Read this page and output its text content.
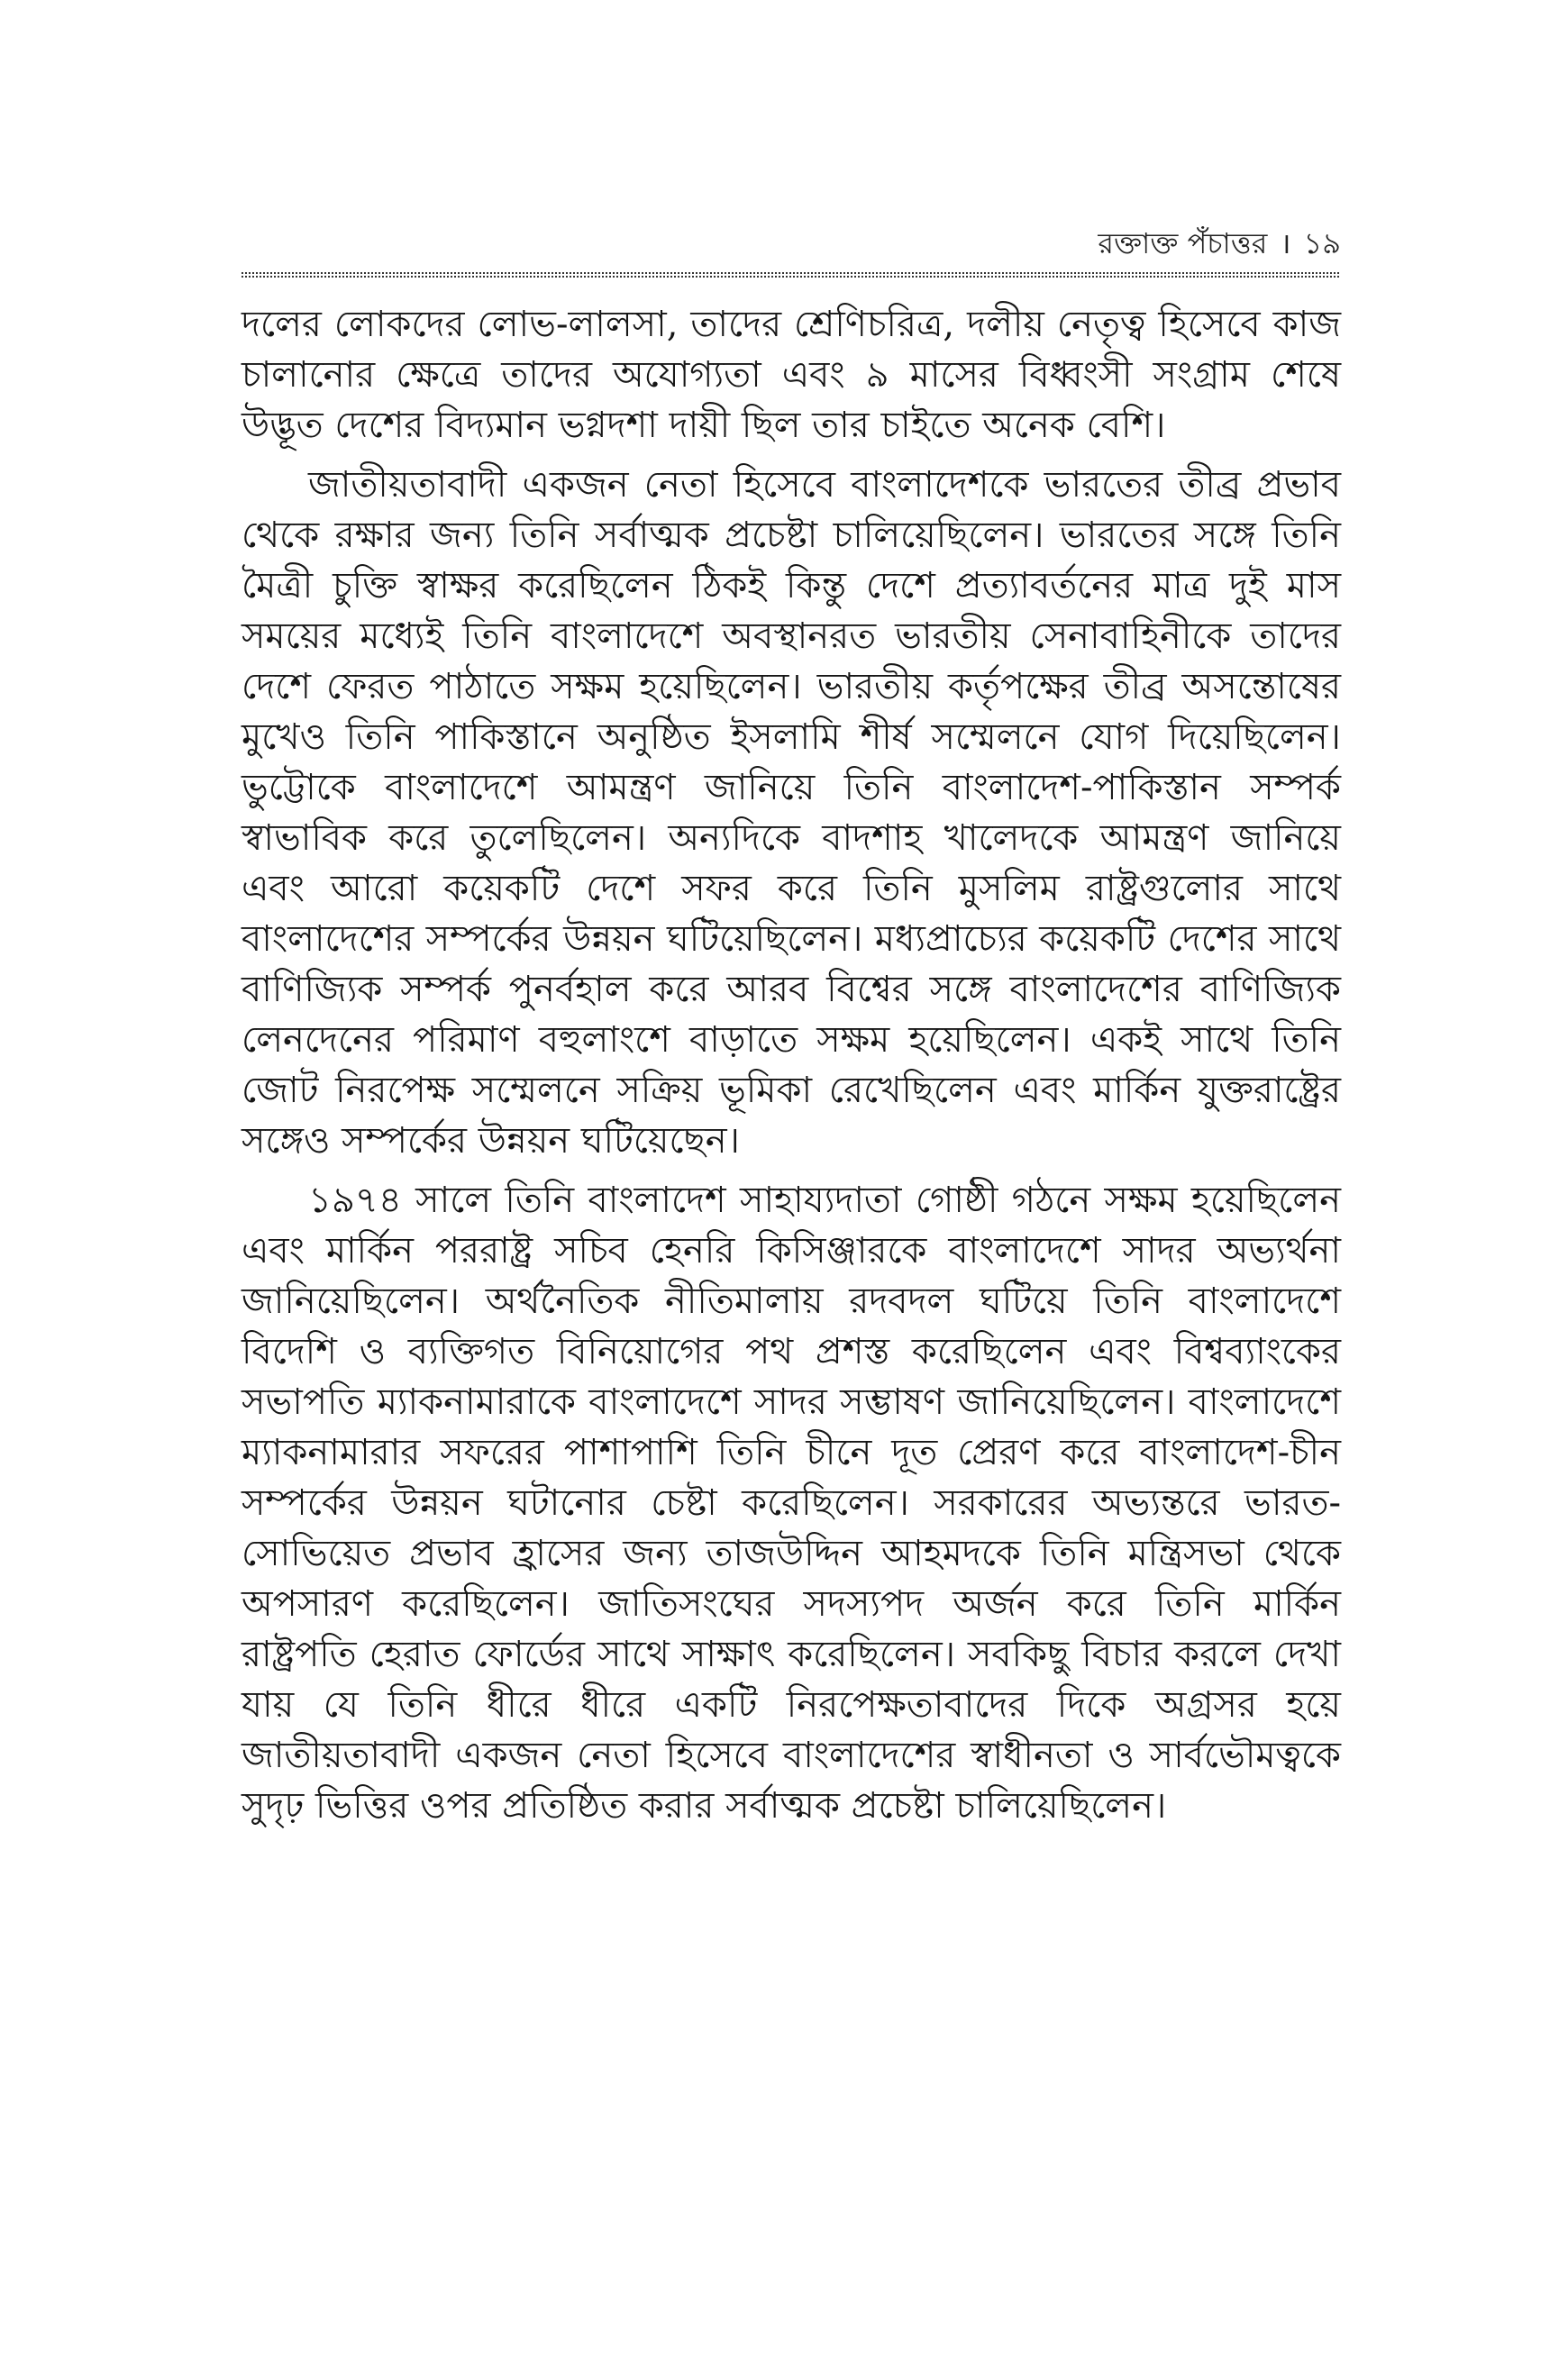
রক্তাক্ত পঁচাত্তর । ১৯

দলের লোকদের লোভ-লালসা, তাদের শ্রেণিচরিত্র, দলীয় নেতৃত্ব হিসেবে কাজ চালানোর ক্ষেত্রে তাদের অযোগ্যতা এবং ৯ মাসের বিধ্বংসী সংগ্রাম শেষে উদ্ভূত দেশের বিদ্যমান ভগ্নদশা দায়ী ছিল তার চাইতে অনেক বেশি।

জাতীয়তাবাদী একজন নেতা হিসেবে বাংলাদেশকে ভারতের তীব্র প্রভাব থেকে রক্ষার জন্য তিনি সর্বাত্মক প্রচেষ্টা চালিয়েছিলেন। ভারতের সঙ্গে তিনি মৈত্রী চুক্তি স্বাক্ষর করেছিলেন ঠিকই কিন্তু দেশে প্রত্যাবর্তনের মাত্র দুই মাস সময়ের মধ্যেই তিনি বাংলাদেশে অবস্থানরত ভারতীয় সেনাবাহিনীকে তাদের দেশে ফেরত পাঠাতে সক্ষম হয়েছিলেন। ভারতীয় কর্তৃপক্ষের তীব্র অসন্তোষের মুখেও তিনি পাকিস্তানে অনুষ্ঠিত ইসলামি শীর্ষ সম্মেলনে যোগ দিয়েছিলেন। ভুট্টোকে বাংলাদেশে আমন্ত্রণ জানিয়ে তিনি বাংলাদেশ-পাকিস্তান সম্পর্ক স্বাভাবিক করে তুলেছিলেন। অন্যদিকে বাদশাহ খালেদকে আমন্ত্রণ জানিয়ে এবং আরো কয়েকটি দেশে সফর করে তিনি মুসলিম রাষ্ট্রগুলোর সাথে বাংলাদেশের সম্পর্কের উন্নয়ন ঘটিয়েছিলেন। মধ্যপ্রাচ্যের কয়েকটি দেশের সাথে বাণিজ্যিক সম্পর্ক পুনর্বহাল করে আরব বিশ্বের সঙ্গে বাংলাদেশের বাণিজ্যিক লেনদেনের পরিমাণ বহুলাংশে বাড়াতে সক্ষম হয়েছিলেন। একই সাথে তিনি জোট নিরপেক্ষ সম্মেলনে সক্রিয় ভূমিকা রেখেছিলেন এবং মার্কিন যুক্তরাষ্ট্রের সঙ্গেও সম্পর্কের উন্নয়ন ঘটিয়েছেন।

১৯৭৪ সালে তিনি বাংলাদেশ সাহায্যদাতা গোষ্ঠী গঠনে সক্ষম হয়েছিলেন এবং মার্কিন পররাষ্ট্র সচিব হেনরি কিসিঞ্জারকে বাংলাদেশে সাদর অভ্যর্থনা জানিয়েছিলেন। অর্থনৈতিক নীতিমালায় রদবদল ঘটিয়ে তিনি বাংলাদেশে বিদেশি ও ব্যক্তিগত বিনিয়োগের পথ প্রশস্ত করেছিলেন এবং বিশ্বব্যাংকের সভাপতি ম্যাকনামারাকে বাংলাদেশে সাদর সম্ভাষণ জানিয়েছিলেন। বাংলাদেশে ম্যাকনামারার সফরের পাশাপাশি তিনি চীনে দূত প্রেরণ করে বাংলাদেশ-চীন সম্পর্কের উন্নয়ন ঘটানোর চেষ্টা করেছিলেন। সরকারের অভ্যন্তরে ভারত-সোভিয়েত প্রভাব হ্রাসের জন্য তাজউদ্দিন আহমদকে তিনি মন্ত্রিসভা থেকে অপসারণ করেছিলেন। জাতিসংঘের সদস্যপদ অর্জন করে তিনি মার্কিন রাষ্ট্রপতি হেরাত ফোর্ডের সাথে সাক্ষাৎ করেছিলেন। সবকিছু বিচার করলে দেখা যায় যে তিনি ধীরে ধীরে একটি নিরপেক্ষতাবাদের দিকে অগ্রসর হয়ে জাতীয়তাবাদী একজন নেতা হিসেবে বাংলাদেশের স্বাধীনতা ও সার্বভৌমত্বকে সুদৃঢ় ভিত্তির ওপর প্রতিষ্ঠিত করার সর্বাত্মক প্রচেষ্টা চালিয়েছিলেন।
